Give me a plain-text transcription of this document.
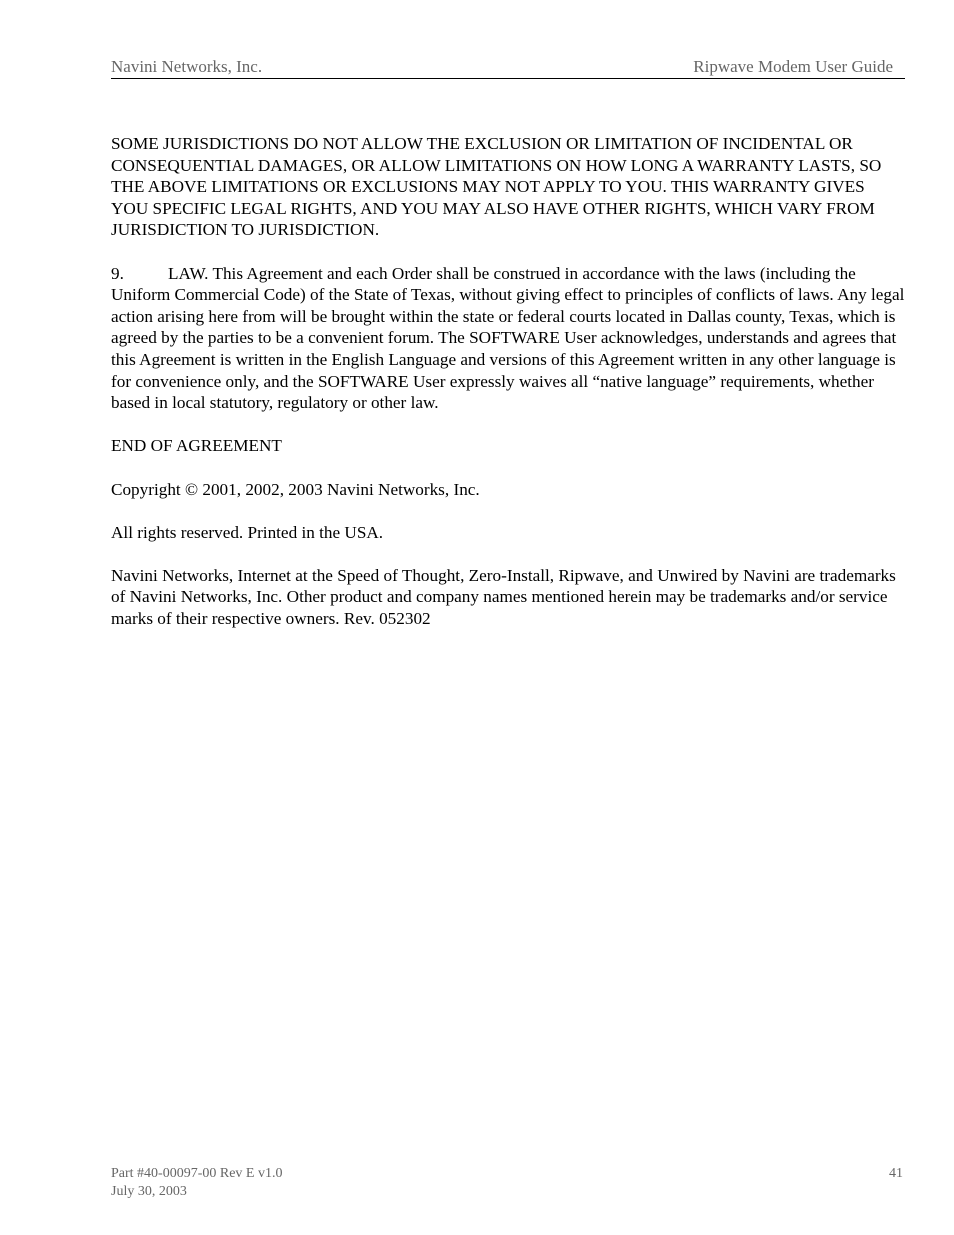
Navini Networks, Inc.	Ripwave Modem User Guide

SOME JURISDICTIONS DO NOT ALLOW THE EXCLUSION OR LIMITATION OF INCIDENTAL OR CONSEQUENTIAL DAMAGES, OR ALLOW LIMITATIONS ON HOW LONG A WARRANTY LASTS, SO THE ABOVE LIMITATIONS OR EXCLUSIONS MAY NOT APPLY TO YOU. THIS WARRANTY GIVES YOU SPECIFIC LEGAL RIGHTS, AND YOU MAY ALSO HAVE OTHER RIGHTS, WHICH VARY FROM JURISDICTION TO JURISDICTION.

9.	LAW. This Agreement and each Order shall be construed in accordance with the laws (including the Uniform Commercial Code) of the State of Texas, without giving effect to principles of conflicts of laws. Any legal action arising here from will be brought within the state or federal courts located in Dallas county, Texas, which is agreed by the parties to be a convenient forum. The SOFTWARE User acknowledges, understands and agrees that this Agreement is written in the English Language and versions of this Agreement written in any other language is for convenience only, and the SOFTWARE User expressly waives all “native language” requirements, whether based in local statutory, regulatory or other law.

END OF AGREEMENT

Copyright © 2001, 2002, 2003 Navini Networks, Inc.

All rights reserved. Printed in the USA.

Navini Networks, Internet at the Speed of Thought, Zero-Install, Ripwave, and Unwired by Navini are trademarks of Navini Networks, Inc. Other product and company names mentioned herein may be trademarks and/or service marks of their respective owners. Rev. 052302

Part #40-00097-00 Rev E v1.0
July 30, 2003
41
